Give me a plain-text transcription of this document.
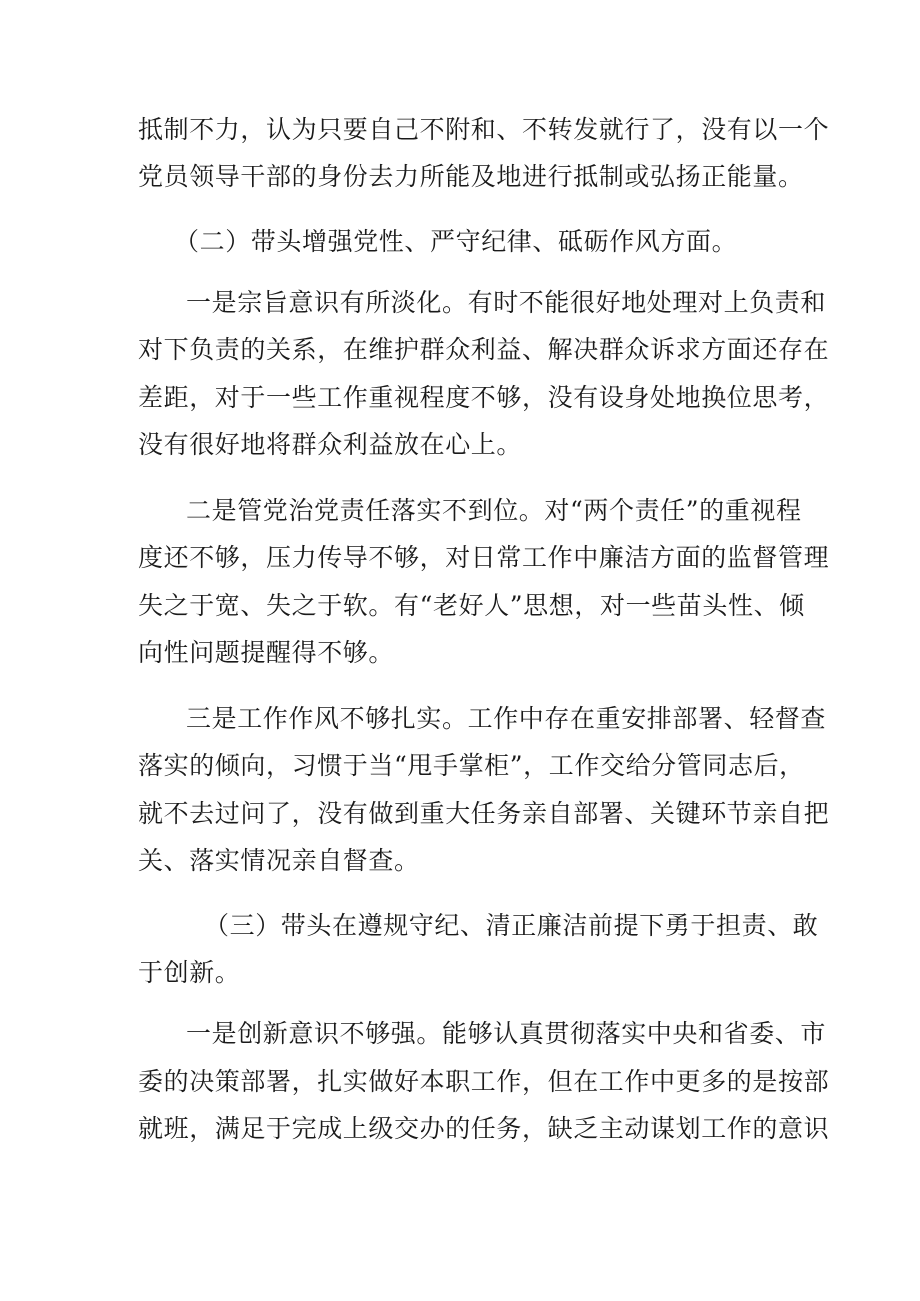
抵制不力，认为只要自己不附和、不转发就行了，没有以一个

党员领导干部的身份去力所能及地进行抵制或弘扬正能量。

（二）带头增强党性、严守纪律、砥砺作风方面。

一是宗旨意识有所淡化。有时不能很好地处理对上负责和

对下负责的关系，在维护群众利益、解决群众诉求方面还存在

差距，对于一些工作重视程度不够，没有设身处地换位思考，

没有很好地将群众利益放在心上。

二是管党治党责任落实不到位。对“两个责任”的重视程

度还不够，压力传导不够，对日常工作中廉洁方面的监督管理

失之于宽、失之于软。有“老好人”思想，对一些苗头性、倾

向性问题提醒得不够。

三是工作作风不够扎实。工作中存在重安排部署、轻督查

落实的倾向，习惯于当“甩手掌柜”，工作交给分管同志后，

就不去过问了，没有做到重大任务亲自部署、关键环节亲自把

关、落实情况亲自督查。

（三）带头在遵规守纪、清正廉洁前提下勇于担责、敢

于创新。

一是创新意识不够强。能够认真贯彻落实中央和省委、市

委的决策部署，扎实做好本职工作，但在工作中更多的是按部

就班，满足于完成上级交办的任务，缺乏主动谋划工作的意识
